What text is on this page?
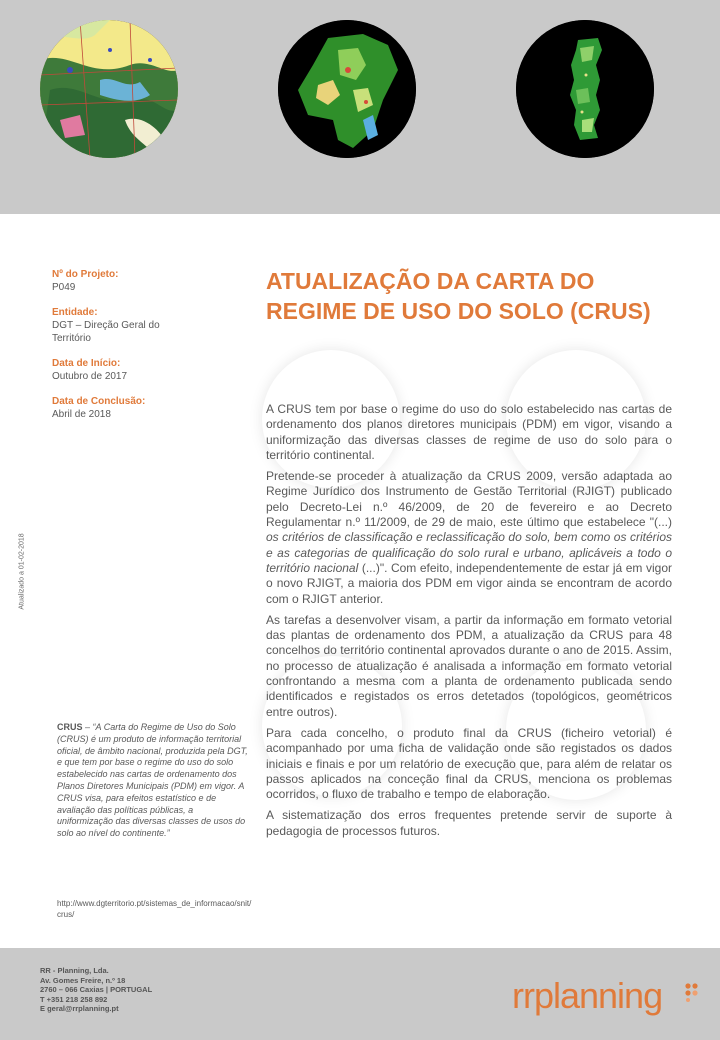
Nº do Projeto:
P049
Entidade:
DGT – Direção Geral do Território
Data de Início:
Outubro de 2017
Data de Conclusão:
Abril de 2018
Atualizado a 01-02-2018
ATUALIZAÇÃO DA CARTA DO REGIME DE USO DO SOLO (CRUS)

A CRUS tem por base o regime do uso do solo estabelecido nas cartas de ordenamento dos planos diretores municipais (PDM) em vigor, visando a uniformização das diversas classes de regime de uso do solo para o território continental.

Pretende-se proceder à atualização da CRUS 2009, versão adaptada ao Regime Jurídico dos Instrumento de Gestão Territorial (RJIGT) publicado pelo Decreto-Lei n.º 46/2009, de 20 de fevereiro e ao Decreto Regulamentar n.º 11/2009, de 29 de maio, este último que estabelece "(...) os critérios de classificação e reclassificação do solo, bem como os critérios e as categorias de qualificação do solo rural e urbano, aplicáveis a todo o território nacional (...)". Com efeito, independentemente de estar já em vigor o novo RJIGT, a maioria dos PDM em vigor ainda se encontram de acordo com o RJIGT anterior.

As tarefas a desenvolver visam, a partir da informação em formato vetorial das plantas de ordenamento dos PDM, a atualização da CRUS para 48 concelhos do território continental aprovados durante o ano de 2015. Assim, no processo de atualização é analisada a informação em formato vetorial confrontando a mesma com a planta de ordenamento publicada sendo identificados e registados os erros detetados (topológicos, geométricos entre outros).

Para cada concelho, o produto final da CRUS (ficheiro vetorial) é acompanhado por uma ficha de validação onde são registados os dados iniciais e finais e por um relatório de execução que, para além de relatar os passos aplicados na conceção final da CRUS, menciona os problemas ocorridos, o fluxo de trabalho e tempo de elaboração.

A sistematização dos erros frequentes pretende servir de suporte à pedagogia de processos futuros.

CRUS – “A Carta do Regime de Uso do Solo (CRUS) é um produto de informação territorial oficial, de âmbito nacional, produzida pela DGT, e que tem por base o regime do uso do solo estabelecido nas cartas de ordenamento dos Planos Diretores Municipais (PDM) em vigor. A CRUS visa, para efeitos estatístico e de avaliação das políticas públicas, a uniformização das diversas classes de usos do solo ao nível do continente.”
http://www.dgterritorio.pt/sistemas_de_informacao/snit/crus/
RR - Planning, Lda.
Av. Gomes Freire, n.º 18
2760 – 066 Caxias | PORTUGAL
T +351 218 258 892
E geral@rrplanning.pt	rrplanning
